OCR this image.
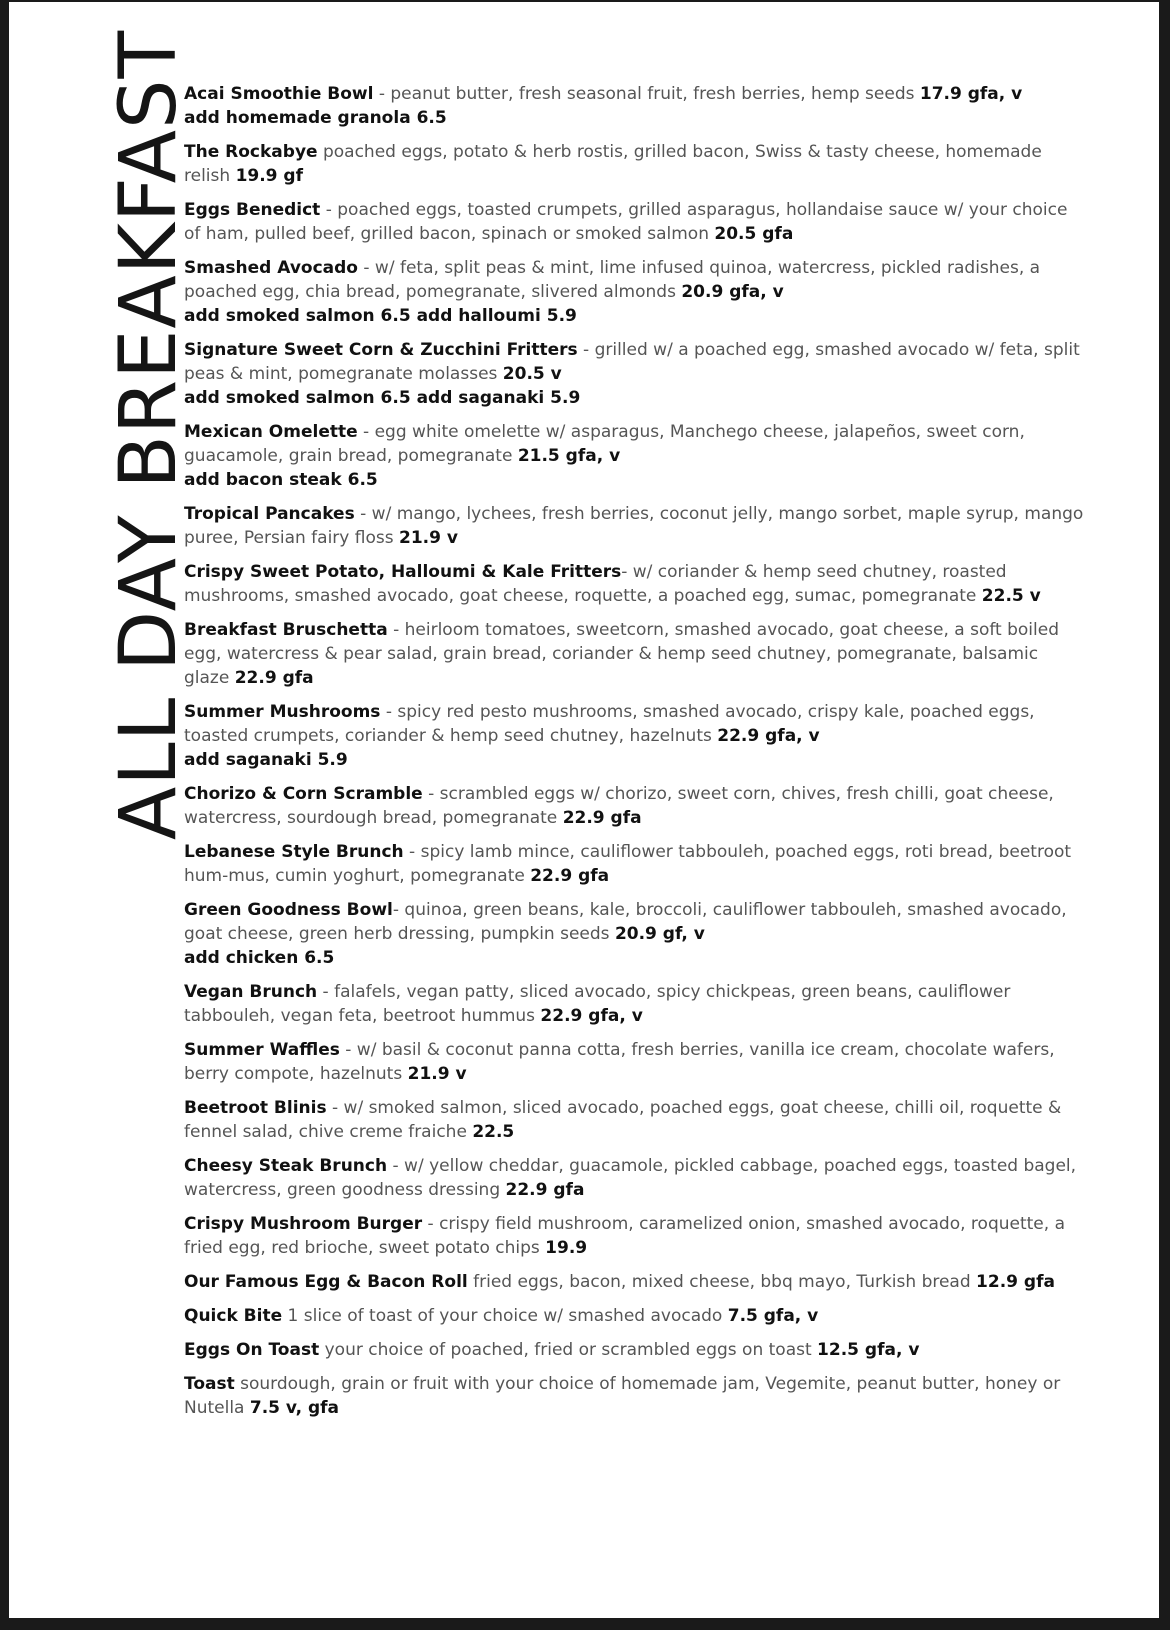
ALL DAY BREAKFAST
Acai Smoothie Bowl - peanut butter, fresh seasonal fruit, fresh berries, hemp seeds 17.9 gfa, v
add homemade granola 6.5
The Rockabye poached eggs, potato & herb rostis, grilled bacon, Swiss & tasty cheese, homemade relish 19.9 gf
Eggs Benedict - poached eggs, toasted crumpets, grilled asparagus, hollandaise sauce w/ your choice of ham, pulled beef, grilled bacon, spinach or smoked salmon 20.5 gfa
Smashed Avocado - w/ feta, split peas & mint, lime infused quinoa, watercress, pickled radishes, a poached egg, chia bread, pomegranate, slivered almonds 20.9 gfa, v
add smoked salmon 6.5 add halloumi 5.9
Signature Sweet Corn & Zucchini Fritters - grilled w/ a poached egg, smashed avocado w/ feta, split peas & mint, pomegranate molasses 20.5 v
add smoked salmon 6.5 add saganaki 5.9
Mexican Omelette - egg white omelette w/ asparagus, Manchego cheese, jalapeños, sweet corn, guacamole, grain bread, pomegranate 21.5 gfa, v
add bacon steak 6.5
Tropical Pancakes - w/ mango, lychees, fresh berries, coconut jelly, mango sorbet, maple syrup, mango puree, Persian fairy floss 21.9 v
Crispy Sweet Potato, Halloumi & Kale Fritters- w/ coriander & hemp seed chutney, roasted mushrooms, smashed avocado, goat cheese, roquette, a poached egg, sumac, pomegranate 22.5 v
Breakfast Bruschetta - heirloom tomatoes, sweetcorn, smashed avocado, goat cheese, a soft boiled egg, watercress & pear salad, grain bread, coriander & hemp seed chutney, pomegranate, balsamic glaze 22.9 gfa
Summer Mushrooms - spicy red pesto mushrooms, smashed avocado, crispy kale, poached eggs, toasted crumpets, coriander & hemp seed chutney, hazelnuts 22.9 gfa, v
add saganaki 5.9
Chorizo & Corn Scramble - scrambled eggs w/ chorizo, sweet corn, chives, fresh chilli, goat cheese, watercress, sourdough bread, pomegranate 22.9 gfa
Lebanese Style Brunch - spicy lamb mince, cauliflower tabbouleh, poached eggs, roti bread, beetroot hum-mus, cumin yoghurt, pomegranate 22.9 gfa
Green Goodness Bowl- quinoa, green beans, kale, broccoli, cauliflower tabbouleh, smashed avocado, goat cheese, green herb dressing, pumpkin seeds 20.9 gf, v
add chicken 6.5
Vegan Brunch - falafels, vegan patty, sliced avocado, spicy chickpeas, green beans, cauliflower tabbouleh, vegan feta, beetroot hummus 22.9 gfa, v
Summer Waffles - w/ basil & coconut panna cotta, fresh berries, vanilla ice cream, chocolate wafers, berry compote, hazelnuts 21.9 v
Beetroot Blinis - w/ smoked salmon, sliced avocado, poached eggs, goat cheese, chilli oil, roquette & fennel salad, chive creme fraiche 22.5
Cheesy Steak Brunch - w/ yellow cheddar, guacamole, pickled cabbage, poached eggs, toasted bagel, watercress, green goodness dressing 22.9 gfa
Crispy Mushroom Burger - crispy field mushroom, caramelized onion, smashed avocado, roquette, a fried egg, red brioche, sweet potato chips 19.9
Our Famous Egg & Bacon Roll fried eggs, bacon, mixed cheese, bbq mayo, Turkish bread 12.9 gfa
Quick Bite 1 slice of toast of your choice w/ smashed avocado 7.5 gfa, v
Eggs On Toast your choice of poached, fried or scrambled eggs on toast 12.5 gfa, v
Toast sourdough, grain or fruit with your choice of homemade jam, Vegemite, peanut butter, honey or Nutella 7.5 v, gfa
